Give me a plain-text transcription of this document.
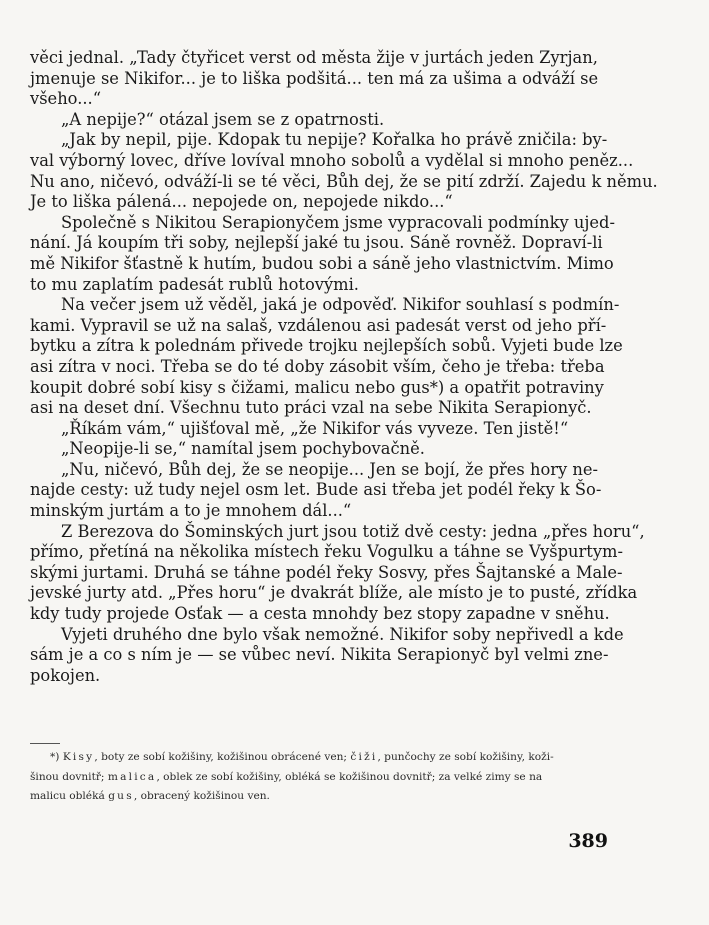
věci jednal. „Tady čtyřicet verst od města žije v jurtách jeden Zyrjan,
jmenuje se Nikifor... je to liška podšitá... ten má za ušima a odváží se
všeho...“

„A nepije?“ otázal jsem se z opatrnosti.

„Jak by nepil, pije. Kdopak tu nepije? Kořalka ho právě zničila: by-
val výborný lovec, dříve lovíval mnoho sobolů a vydělal si mnoho peněz...
Nu ano, ničevó, odváží-li se té věci, Bůh dej, že se pití zdrží. Zajedu k němu.
Je to liška pálená... nepojede on, nepojede nikdo...“

Společně s Nikitou Serapionyčem jsme vypracovali podmínky ujed-
nání. Já koupím tři soby, nejlepší jaké tu jsou. Sáně rovněž. Dopraví-li
mě Nikifor šťastně k hutím, budou sobi a sáně jeho vlastnictvím. Mimo
to mu zaplatím padesát rublů hotovými.

Na večer jsem už věděl, jaká je odpověď. Nikifor souhlasí s podmín-
kami. Vypravil se už na salaš, vzdálenou asi padesát verst od jeho pří-
bytku a zítra k polednám přivede trojku nejlepších sobů. Vyjeti bude lze
asi zítra v noci. Třeba se do té doby zásobit vším, čeho je třeba: třeba
koupit dobré sobí kisy s čižami, malicu nebo gus*) a opatřit potraviny
asi na deset dní. Všechnu tuto práci vzal na sebe Nikita Serapionyč.

„Říkám vám,“ ujišťoval mě, „že Nikifor vás vyveze. Ten jistě!“

„Neopije-li se,“ namítal jsem pochybovačně.

„Nu, ničevó, Bůh dej, že se neopije... Jen se bojí, že přes hory ne-
najde cesty: už tudy nejel osm let. Bude asi třeba jet podél řeky k Šo-
minským jurtám a to je mnohem dál...“

Z Berezova do Šominských jurt jsou totiž dvě cesty: jedna „přes horu“,
přímo, přetíná na několika místech řeku Vogulku a táhne se Vyšpurtym-
skými jurtami. Druhá se táhne podél řeky Sosvy, přes Šajtanské a Male-
jevské jurty atd. „Přes horu“ je dvakrát blíže, ale místo je to pusté, zřídka
kdy tudy projede Osťak — a cesta mnohdy bez stopy zapadne v sněhu.

Vyjeti druhého dne bylo však nemožné. Nikifor soby nepřivedl a kde
sám je a co s ním je — se vůbec neví. Nikita Serapionyč byl velmi zne-
pokojen.

*) Kisy, boty ze sobí kožišiny, kožišinou obrácené ven; čiži, punčochy ze sobí kožišiny, koži-
šinou dovnitř; malica, oblek ze sobí kožišiny, obléká se kožišinou dovnitř; za velké zimy se na
malicu obléká gus, obracený kožišinou ven.
389
